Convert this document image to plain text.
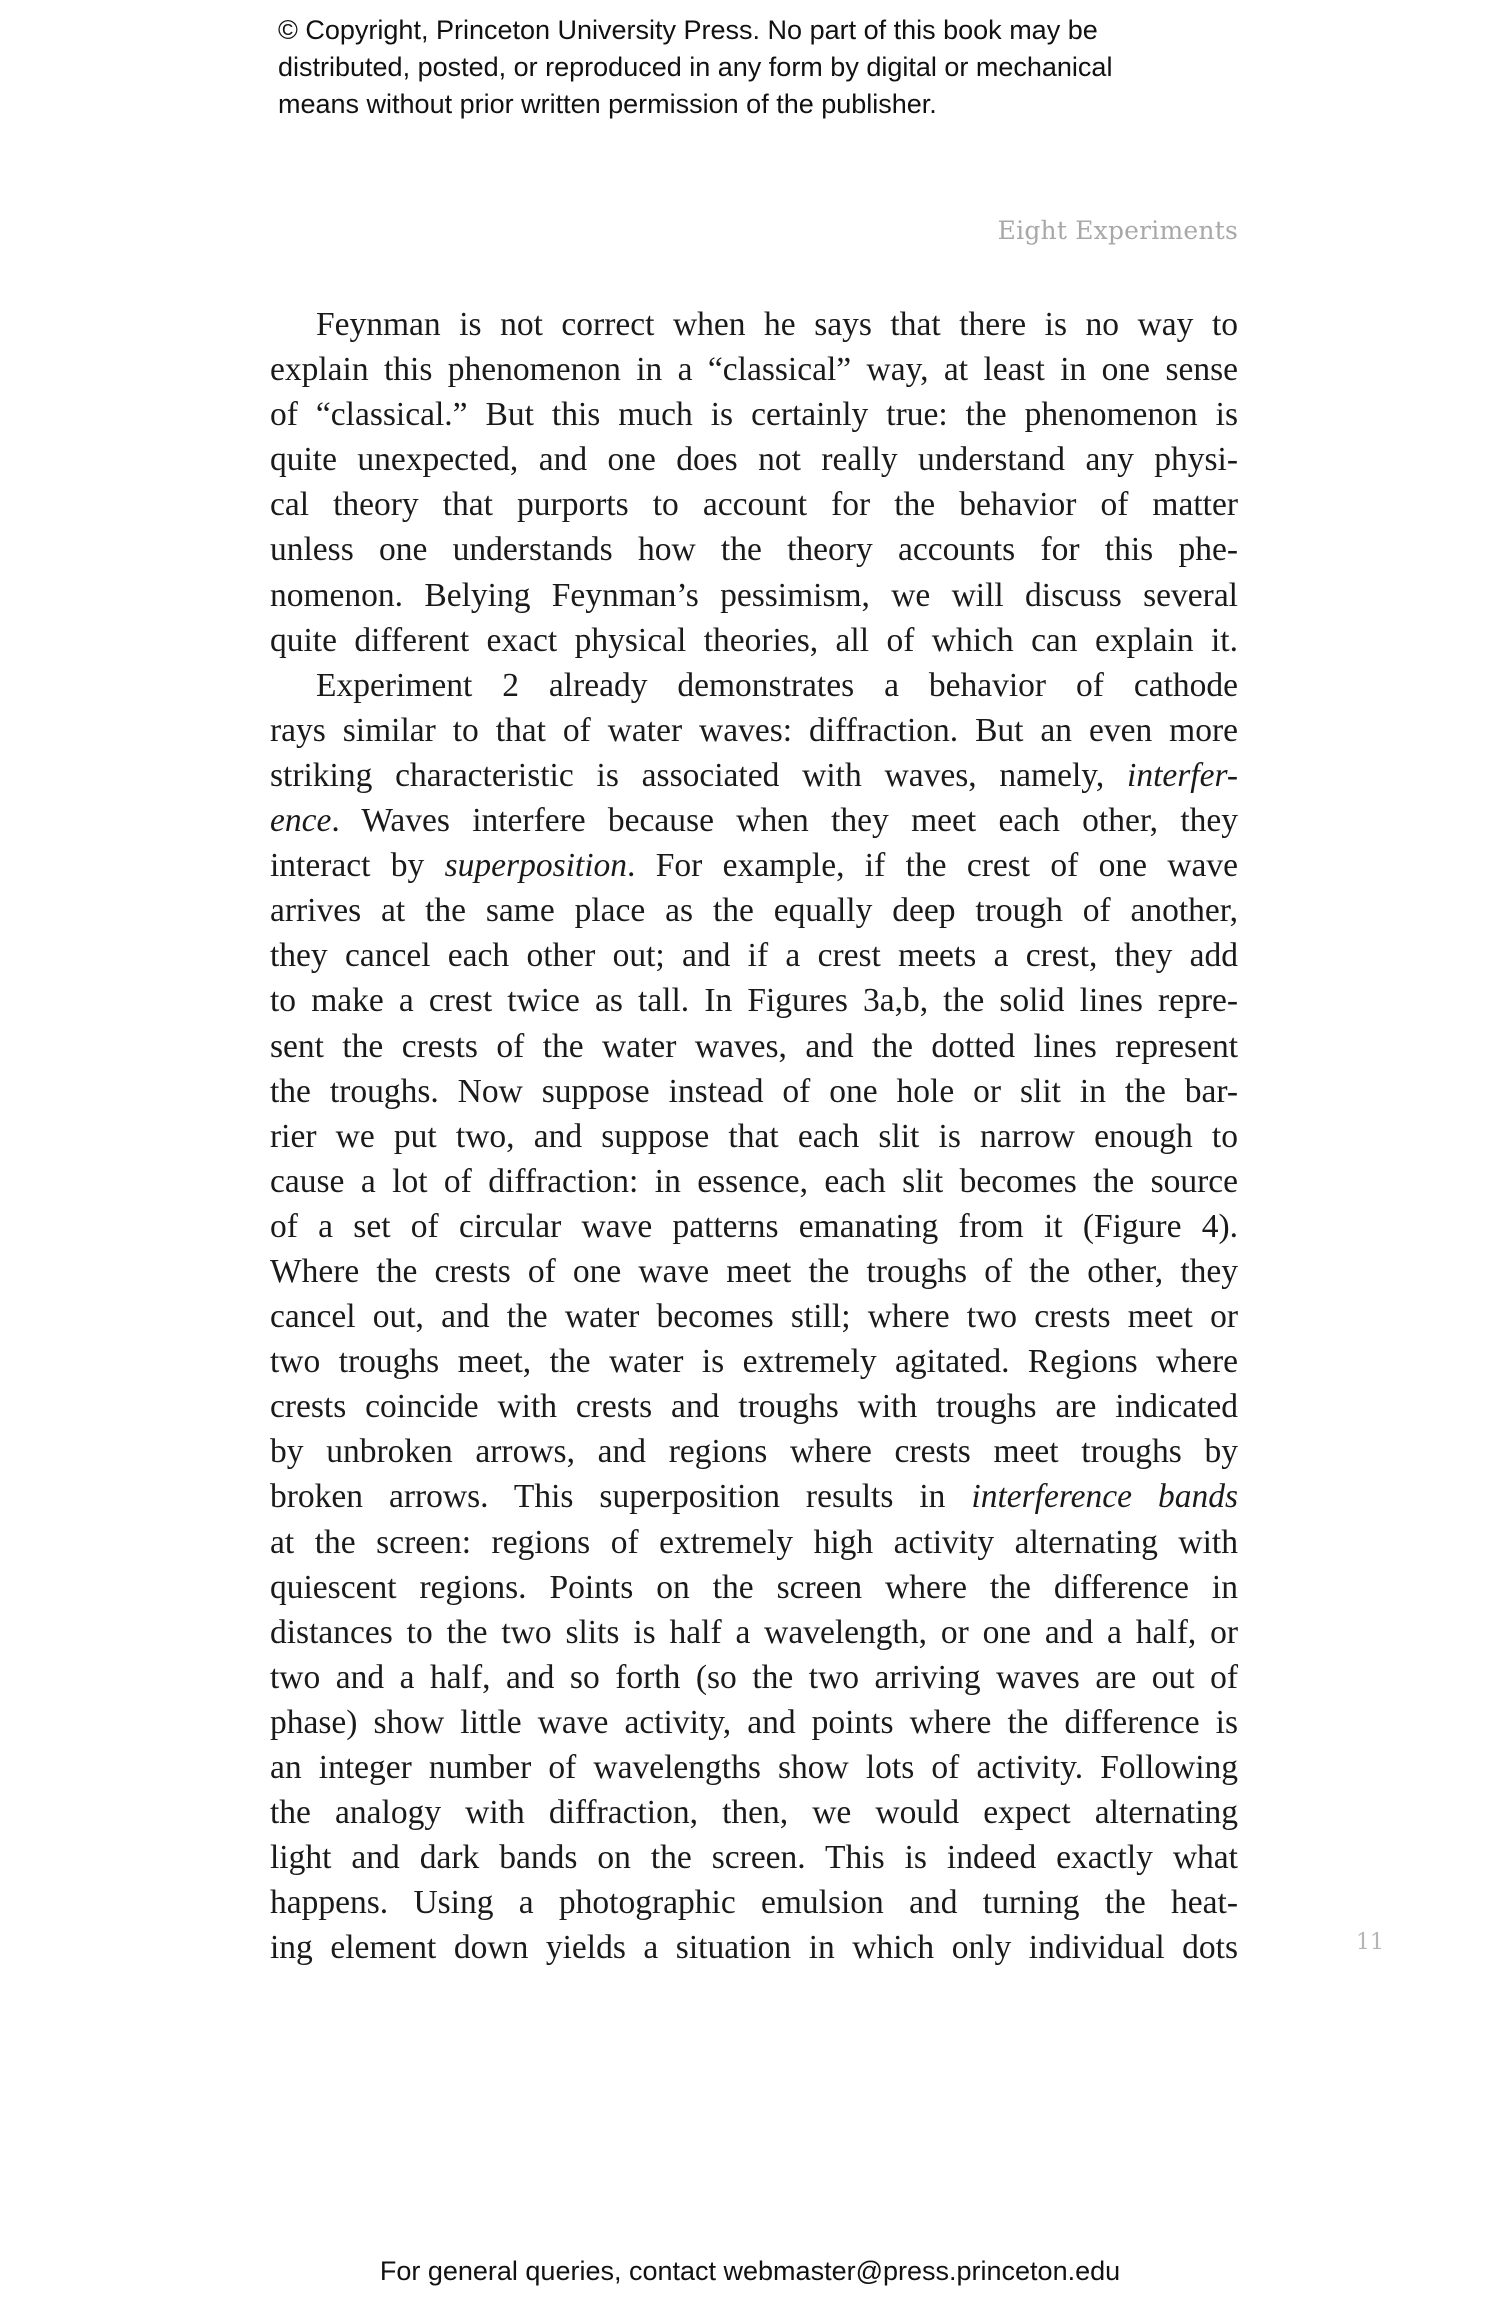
© Copyright, Princeton University Press. No part of this book may be
distributed, posted, or reproduced in any form by digital or mechanical
means without prior written permission of the publisher.
Eight Experiments
Feynman is not correct when he says that there is no way to
explain this phenomenon in a “classical” way, at least in one sense
of “classical.” But this much is certainly true: the phenomenon is
quite unexpected, and one does not really understand any physi-
cal theory that purports to account for the behavior of matter
unless one understands how the theory accounts for this phe-
nomenon. Belying Feynman’s pessimism, we will discuss several
quite different exact physical theories, all of which can explain it.
Experiment 2 already demonstrates a behavior of cathode
rays similar to that of water waves: diffraction. But an even more
striking characteristic is associated with waves, namely, interfer-
ence. Waves interfere because when they meet each other, they
interact by superposition. For example, if the crest of one wave
arrives at the same place as the equally deep trough of another,
they cancel each other out; and if a crest meets a crest, they add
to make a crest twice as tall. In Figures 3a,b, the solid lines repre-
sent the crests of the water waves, and the dotted lines represent
the troughs. Now suppose instead of one hole or slit in the bar-
rier we put two, and suppose that each slit is narrow enough to
cause a lot of diffraction: in essence, each slit becomes the source
of a set of circular wave patterns emanating from it (Figure 4).
Where the crests of one wave meet the troughs of the other, they
cancel out, and the water becomes still; where two crests meet or
two troughs meet, the water is extremely agitated. Regions where
crests coincide with crests and troughs with troughs are indicated
by unbroken arrows, and regions where crests meet troughs by
broken arrows. This superposition results in interference bands
at the screen: regions of extremely high activity alternating with
quiescent regions. Points on the screen where the difference in
distances to the two slits is half a wavelength, or one and a half, or
two and a half, and so forth (so the two arriving waves are out of
phase) show little wave activity, and points where the difference is
an integer number of wavelengths show lots of activity. Following
the analogy with diffraction, then, we would expect alternating
light and dark bands on the screen. This is indeed exactly what
happens. Using a photographic emulsion and turning the heat-
ing element down yields a situation in which only individual dots	11
For general queries, contact webmaster@press.princeton.edu
